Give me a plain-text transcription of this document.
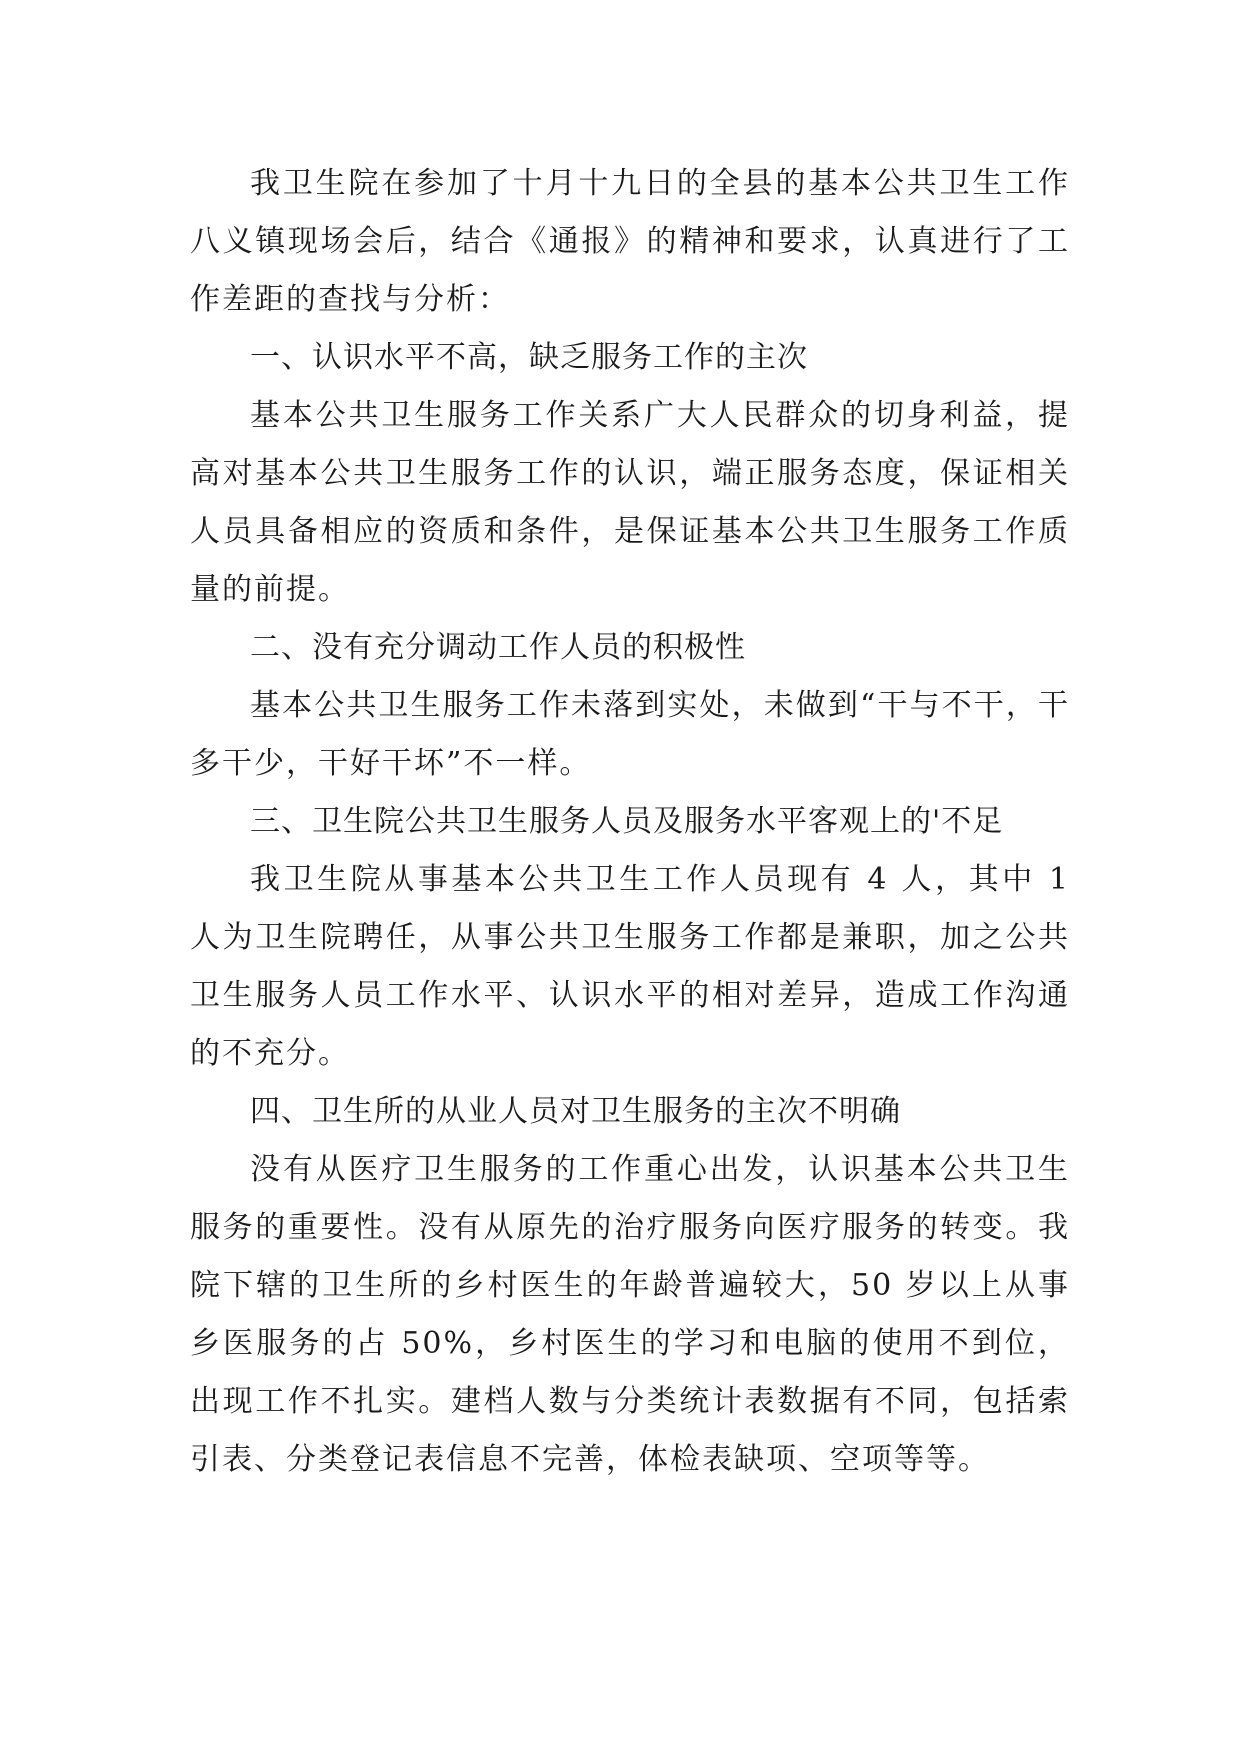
我卫生院在参加了十月十九日的全县的基本公共卫生工作八义镇现场会后，结合《通报》的精神和要求，认真进行了工作差距的查找与分析：

一、认识水平不高，缺乏服务工作的主次

基本公共卫生服务工作关系广大人民群众的切身利益，提高对基本公共卫生服务工作的认识，端正服务态度，保证相关人员具备相应的资质和条件，是保证基本公共卫生服务工作质量的前提。

二、没有充分调动工作人员的积极性

基本公共卫生服务工作未落到实处，未做到“干与不干，干多干少，干好干坏”不一样。

三、卫生院公共卫生服务人员及服务水平客观上的'不足

我卫生院从事基本公共卫生工作人员现有 4 人，其中 1 人为卫生院聘任，从事公共卫生服务工作都是兼职，加之公共卫生服务人员工作水平、认识水平的相对差异，造成工作沟通的不充分。

四、卫生所的从业人员对卫生服务的主次不明确

没有从医疗卫生服务的工作重心出发，认识基本公共卫生服务的重要性。没有从原先的治疗服务向医疗服务的转变。我院下辖的卫生所的乡村医生的年龄普遍较大，50 岁以上从事乡医服务的占 50%，乡村医生的学习和电脑的使用不到位，出现工作不扎实。建档人数与分类统计表数据有不同，包括索引表、分类登记表信息不完善，体检表缺项、空项等等。
